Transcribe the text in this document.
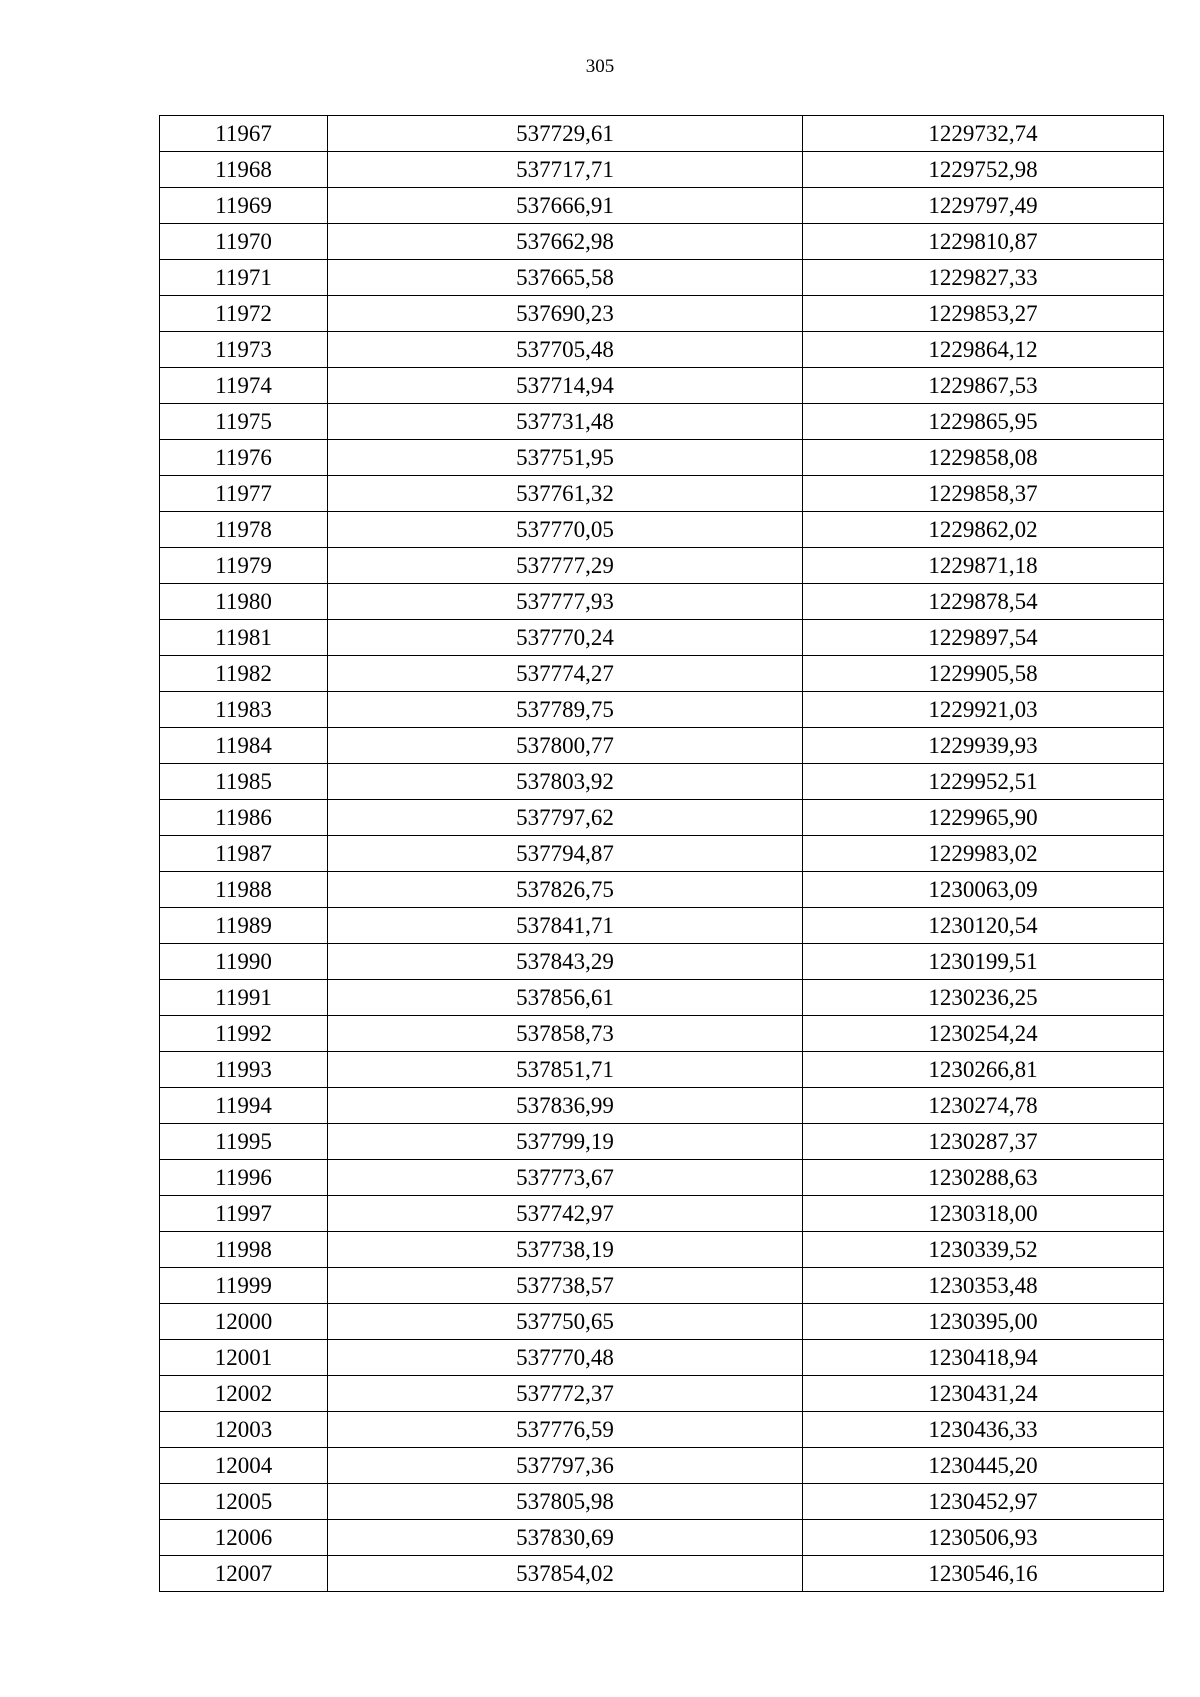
305
11967	537729,61	1229732,74
11968	537717,71	1229752,98
11969	537666,91	1229797,49
11970	537662,98	1229810,87
11971	537665,58	1229827,33
11972	537690,23	1229853,27
11973	537705,48	1229864,12
11974	537714,94	1229867,53
11975	537731,48	1229865,95
11976	537751,95	1229858,08
11977	537761,32	1229858,37
11978	537770,05	1229862,02
11979	537777,29	1229871,18
11980	537777,93	1229878,54
11981	537770,24	1229897,54
11982	537774,27	1229905,58
11983	537789,75	1229921,03
11984	537800,77	1229939,93
11985	537803,92	1229952,51
11986	537797,62	1229965,90
11987	537794,87	1229983,02
11988	537826,75	1230063,09
11989	537841,71	1230120,54
11990	537843,29	1230199,51
11991	537856,61	1230236,25
11992	537858,73	1230254,24
11993	537851,71	1230266,81
11994	537836,99	1230274,78
11995	537799,19	1230287,37
11996	537773,67	1230288,63
11997	537742,97	1230318,00
11998	537738,19	1230339,52
11999	537738,57	1230353,48
12000	537750,65	1230395,00
12001	537770,48	1230418,94
12002	537772,37	1230431,24
12003	537776,59	1230436,33
12004	537797,36	1230445,20
12005	537805,98	1230452,97
12006	537830,69	1230506,93
12007	537854,02	1230546,16
